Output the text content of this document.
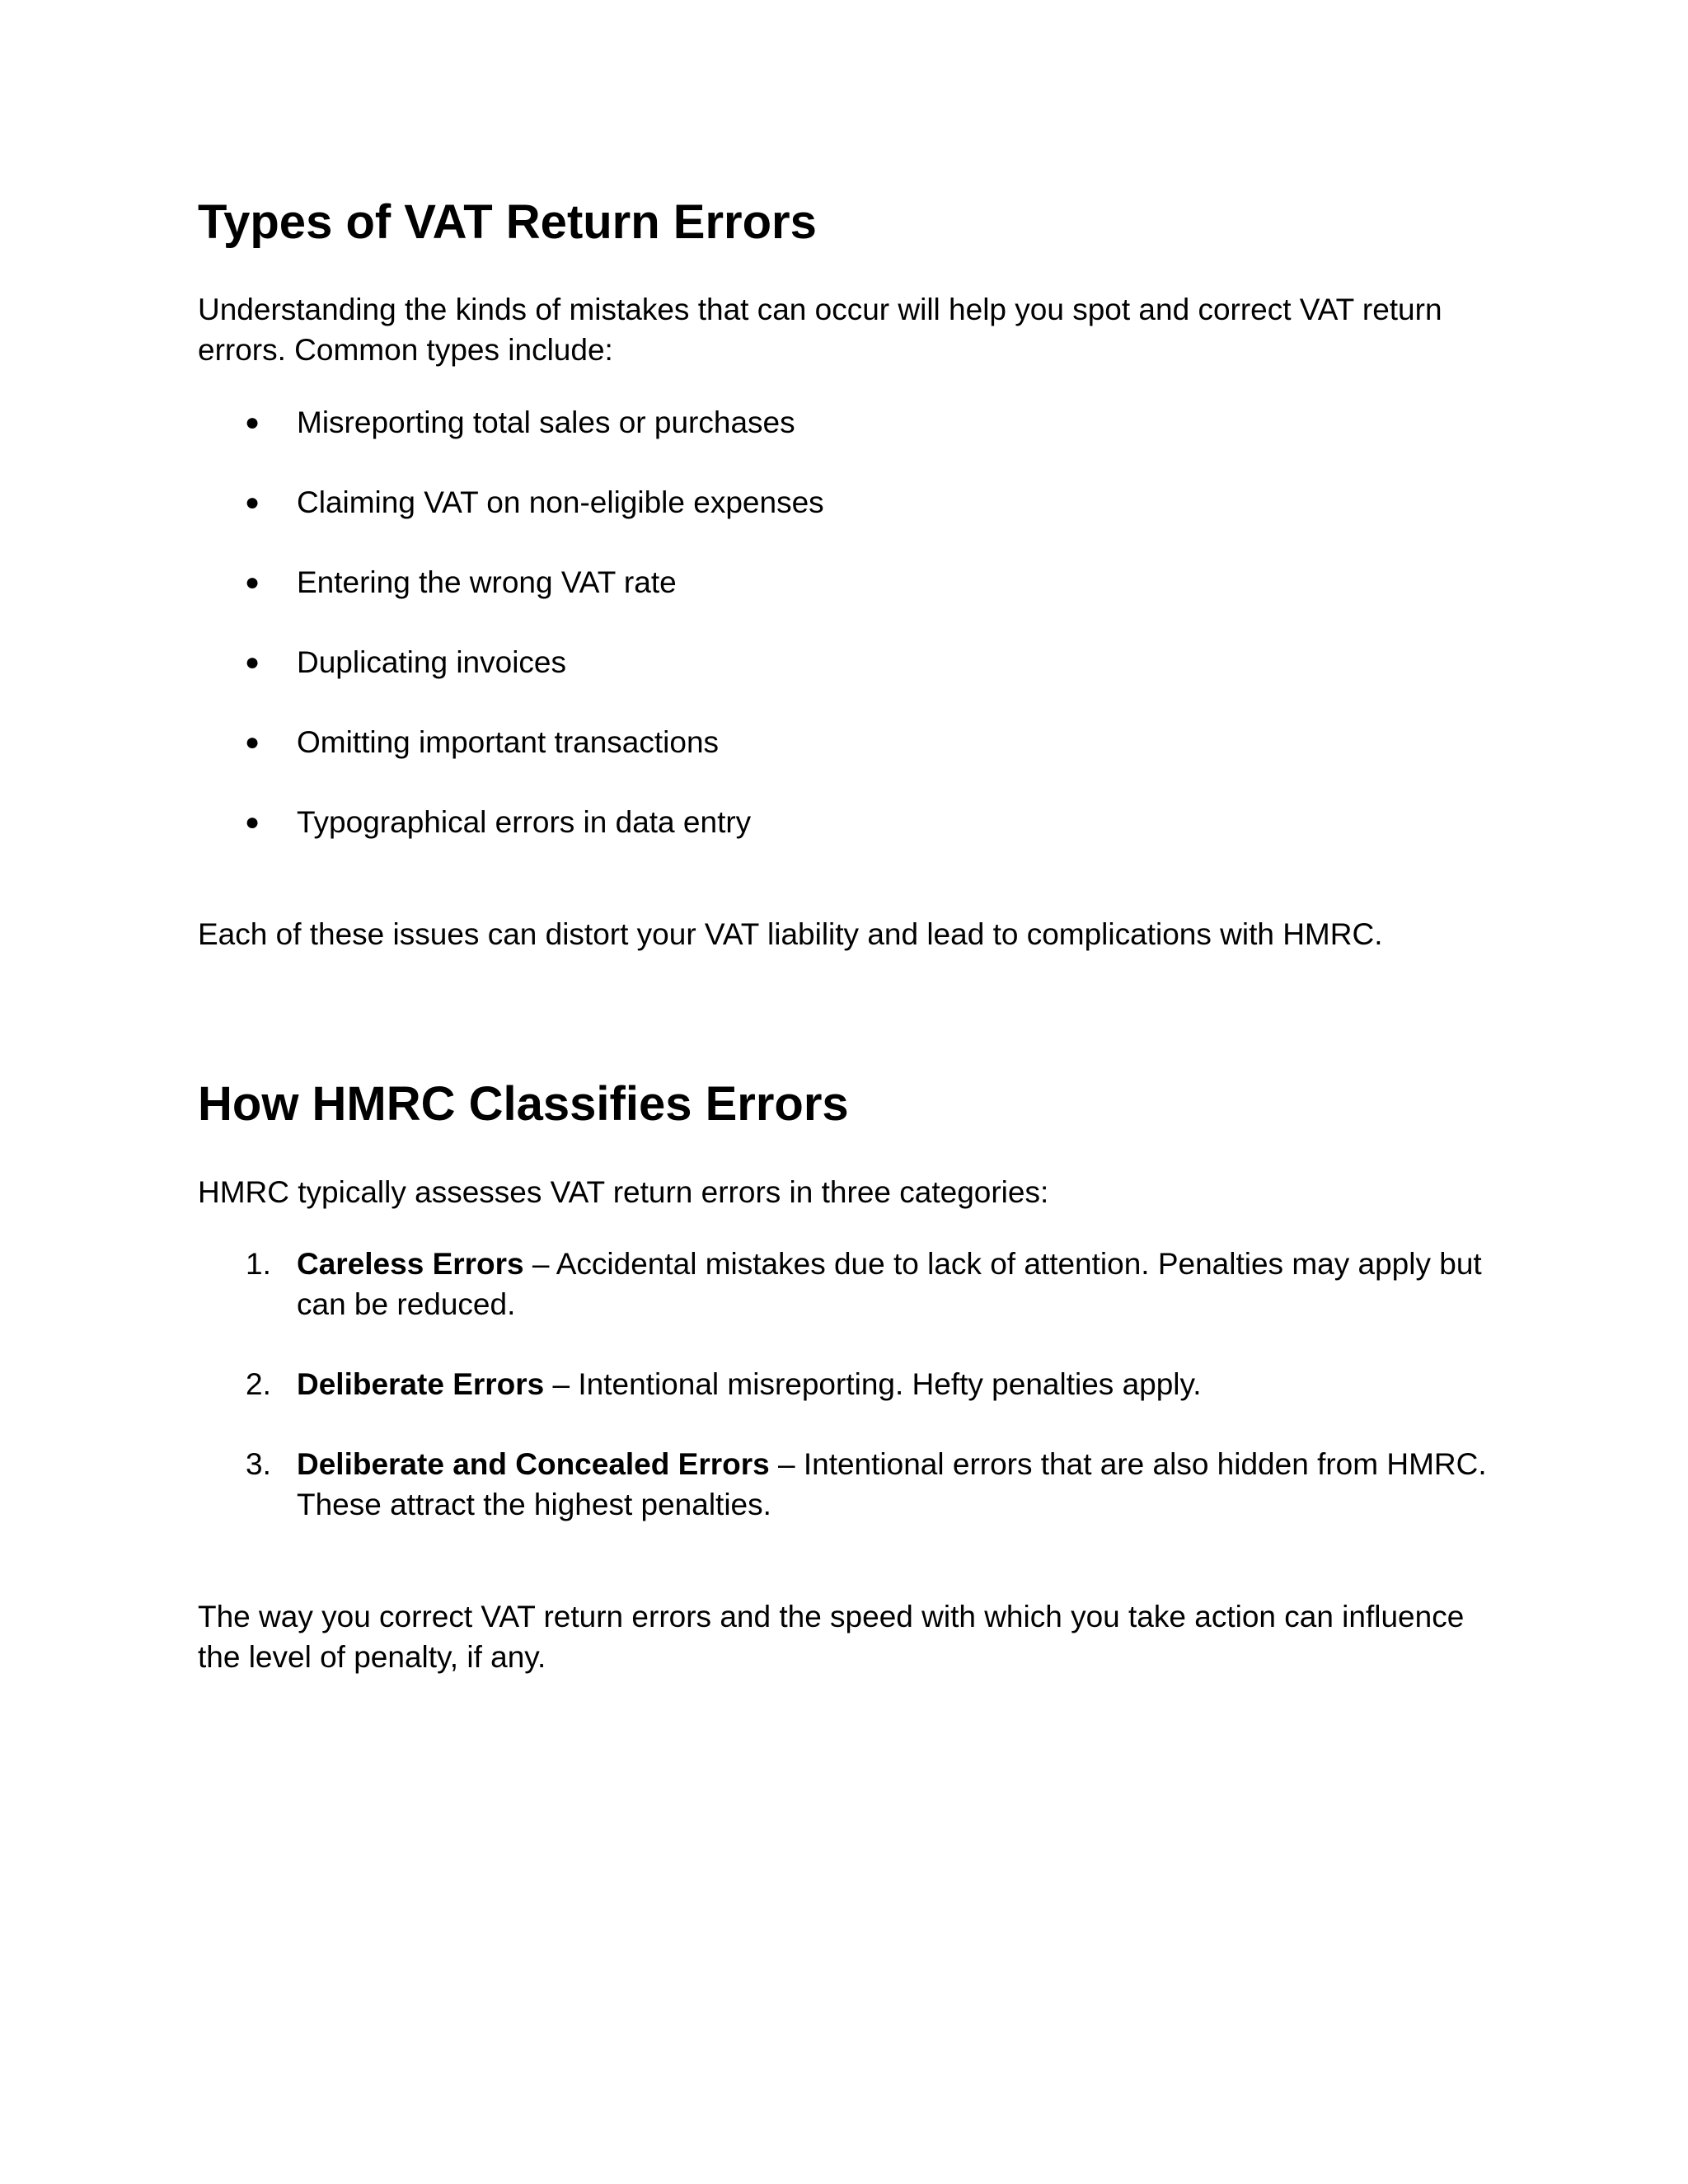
Types of VAT Return Errors

Understanding the kinds of mistakes that can occur will help you spot and correct VAT return errors. Common types include:

● Misreporting total sales or purchases
● Claiming VAT on non-eligible expenses
● Entering the wrong VAT rate
● Duplicating invoices
● Omitting important transactions
● Typographical errors in data entry

Each of these issues can distort your VAT liability and lead to complications with HMRC.

How HMRC Classifies Errors

HMRC typically assesses VAT return errors in three categories:

1. Careless Errors – Accidental mistakes due to lack of attention. Penalties may apply but can be reduced.
2. Deliberate Errors – Intentional misreporting. Hefty penalties apply.
3. Deliberate and Concealed Errors – Intentional errors that are also hidden from HMRC. These attract the highest penalties.

The way you correct VAT return errors and the speed with which you take action can influence the level of penalty, if any.
